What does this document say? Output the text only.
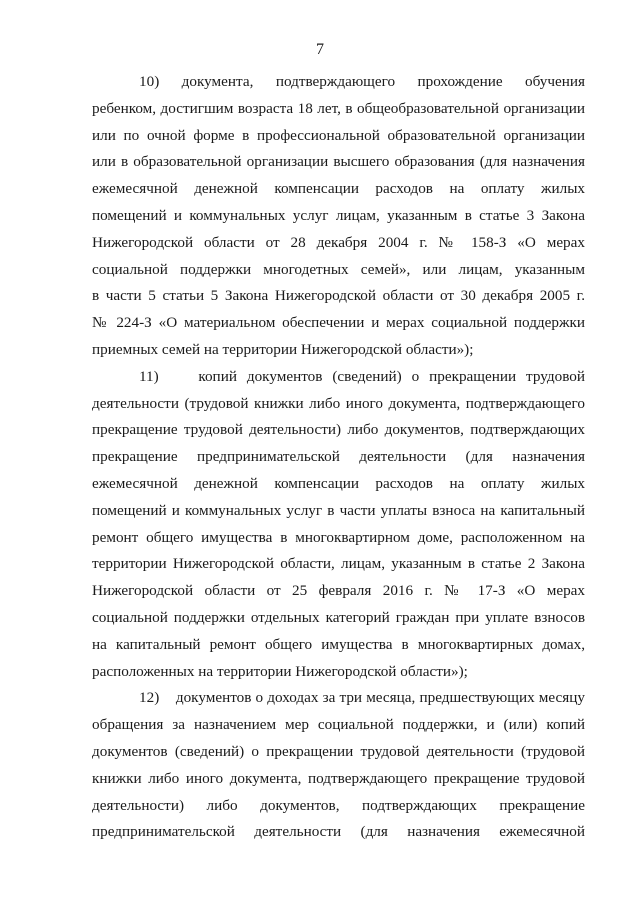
7
10)    документа,    подтверждающего    прохождение    обучения
ребенком, достигшим возраста 18 лет, в общеобразовательной организации
или по очной форме в профессиональной образовательной организации
или в образовательной организации высшего образования (для назначения
ежемесячной денежной компенсации расходов на оплату жилых
помещений и коммунальных услуг лицам, указанным в статье 3 Закона
Нижегородской области от 28 декабря 2004 г. № 158-З «О мерах
социальной поддержки многодетных семей», или лицам, указанным
в части 5 статьи 5 Закона Нижегородской области от 30 декабря 2005 г.
№ 224-З «О материальном обеспечении и мерах социальной поддержки
приемных семей на территории Нижегородской области»);
11)    копий документов (сведений) о прекращении трудовой
деятельности (трудовой книжки либо иного документа, подтверждающего
прекращение трудовой деятельности) либо документов, подтверждающих
прекращение предпринимательской деятельности (для назначения
ежемесячной денежной компенсации расходов на оплату жилых
помещений и коммунальных услуг в части уплаты взноса на капитальный
ремонт общего имущества в многоквартирном доме, расположенном на
территории Нижегородской области, лицам, указанным в статье 2 Закона
Нижегородской области от 25 февраля 2016 г. № 17-З «О мерах
социальной поддержки отдельных категорий граждан при уплате взносов
на капитальный ремонт общего имущества в многоквартирных домах,
расположенных на территории Нижегородской области»);
12)    документов о доходах за три месяца, предшествующих месяцу
обращения за назначением мер социальной поддержки, и (или) копий
документов (сведений) о прекращении трудовой деятельности (трудовой
книжки либо иного документа, подтверждающего прекращение трудовой
деятельности) либо документов, подтверждающих прекращение
предпринимательской деятельности (для назначения ежемесячной
